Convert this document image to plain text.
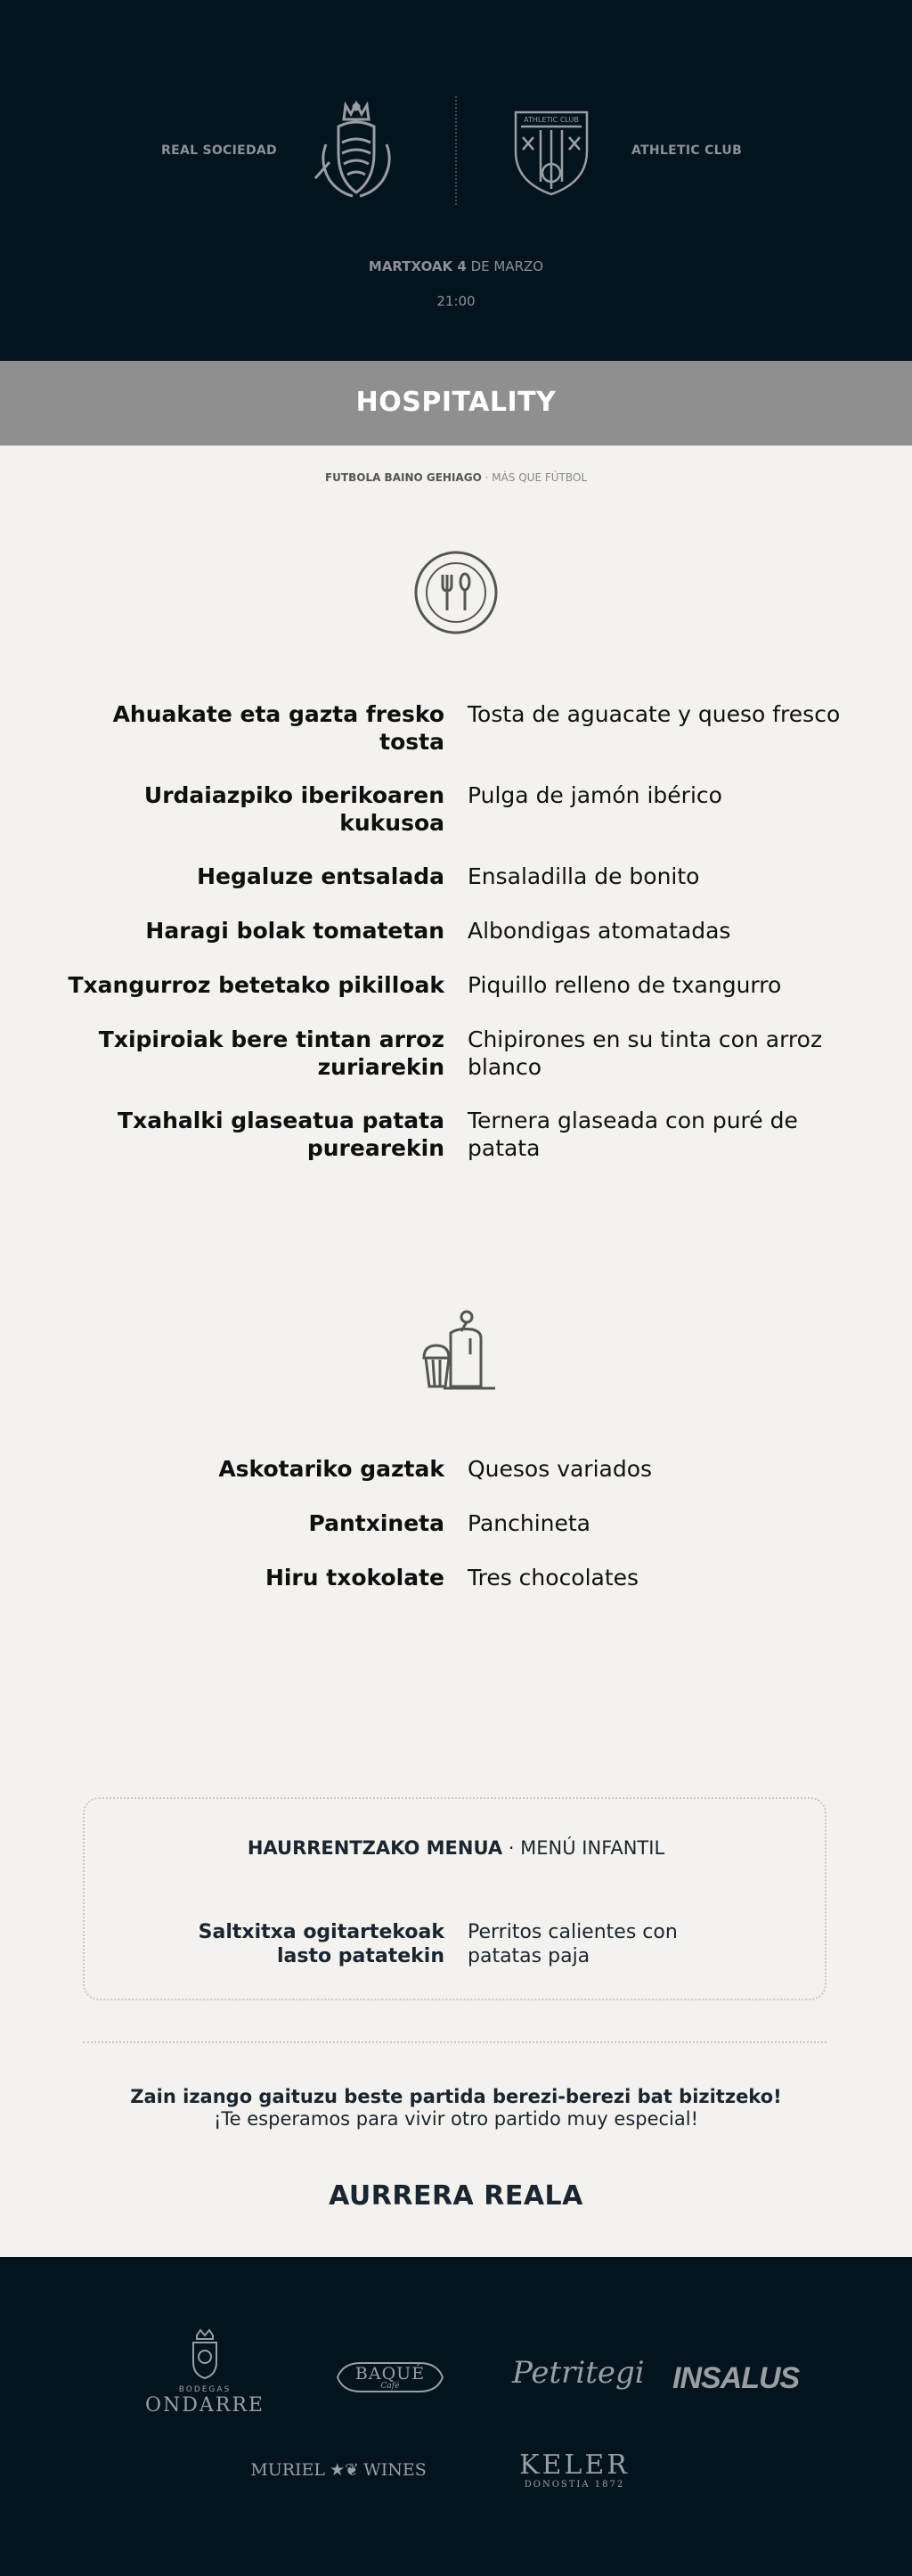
REAL SOCIEDAD
ATHLETIC CLUB
ATHLETIC CLUB
MARTXOAK 4 DE MARZO
21:00
HOSPITALITY
FUTBOLA BAINO GEHIAGO · MÁS QUE FÚTBOL
Ahuakate eta gazta fresko tosta
Tosta de aguacate y queso fresco
Urdaiazpiko iberikoaren kukusoa
Pulga de jamón ibérico
Hegaluze entsalada Ensaladilla de bonito
Haragi bolak tomatetan Albondigas atomatadas
Txangurroz betetako pikilloak Piquillo relleno de txangurro
Txipiroiak bere tintan arroz zuriarekin
Chipirones en su tinta con arroz blanco
Txahalki glaseatua patata purearekin
Ternera glaseada con puré de patata
Askotariko gaztak Quesos variados
Pantxineta Panchineta
Hiru txokolate Tres chocolates
HAURRENTZAKO MENUA · MENÚ INFANTIL
Saltxitxa ogitartekoak lasto patatekin
Perritos calientes con patatas paja
Zain izango gaituzu beste partida berezi-berezi bat bizitzeko!
¡Te esperamos para vivir otro partido muy especial!
AURRERA REALA
BODEGAS
ONDARRE
BAQUÉ
Café	Petritegi INSALUS
MURIEL ★❦ WINES	KELER
DONOSTIA 1872
